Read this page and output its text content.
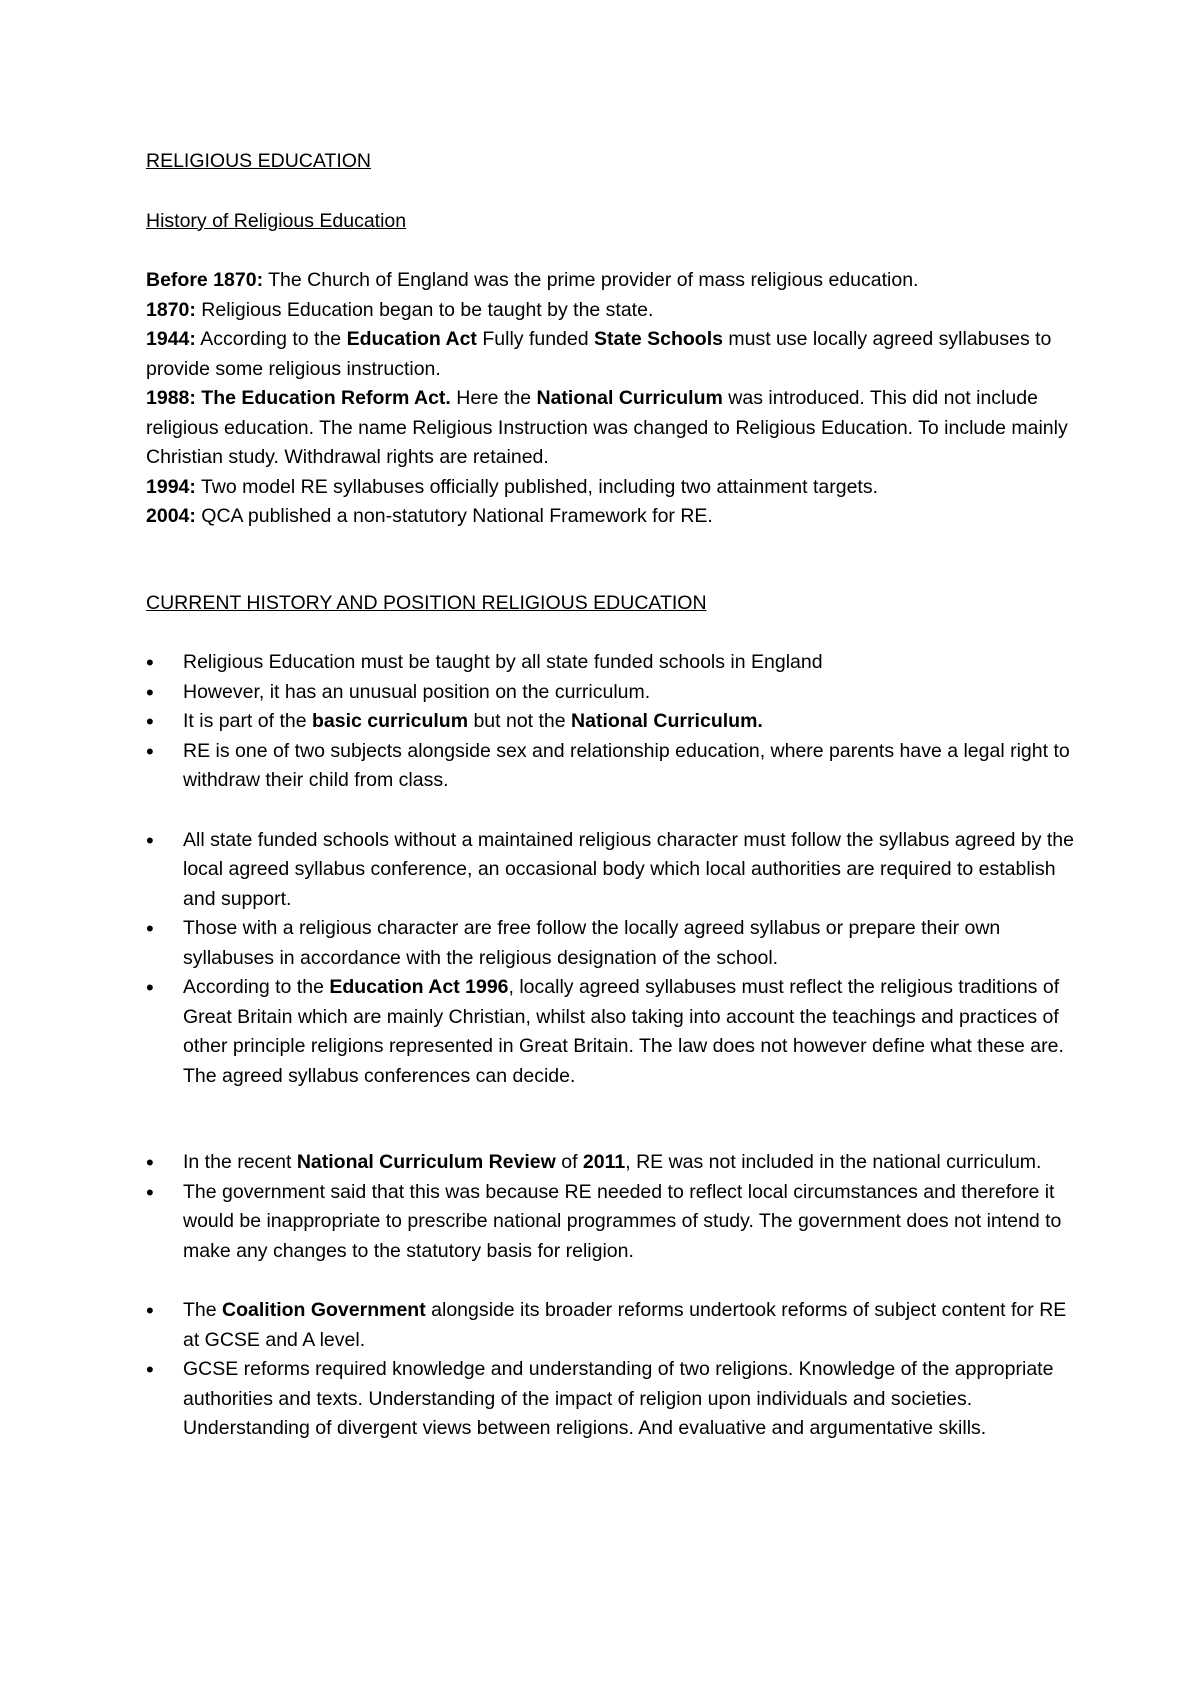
RELIGIOUS EDUCATION

History of Religious Education

Before 1870: The Church of England was the prime provider of mass religious education.

1870: Religious Education began to be taught by the state.

1944: According to the Education Act Fully funded State Schools must use locally agreed syllabuses to provide some religious instruction.

1988: The Education Reform Act. Here the National Curriculum was introduced. This did not include religious education. The name Religious Instruction was changed to Religious Education. To include mainly Christian study. Withdrawal rights are retained.

1994: Two model RE syllabuses officially published, including two attainment targets.

2004: QCA published a non-statutory National Framework for RE.

CURRENT HISTORY AND POSITION RELIGIOUS EDUCATION

• Religious Education must be taught by all state funded schools in England
• However, it has an unusual position on the curriculum.
• It is part of the basic curriculum but not the National Curriculum.
• RE is one of two subjects alongside sex and relationship education, where parents have a legal right to withdraw their child from class.
• All state funded schools without a maintained religious character must follow the syllabus agreed by the local agreed syllabus conference, an occasional body which local authorities are required to establish and support.
• Those with a religious character are free follow the locally agreed syllabus or prepare their own syllabuses in accordance with the religious designation of the school.
• According to the Education Act 1996, locally agreed syllabuses must reflect the religious traditions of Great Britain which are mainly Christian, whilst also taking into account the teachings and practices of other principle religions represented in Great Britain. The law does not however define what these are. The agreed syllabus conferences can decide.
• In the recent National Curriculum Review of 2011, RE was not included in the national curriculum.
• The government said that this was because RE needed to reflect local circumstances and therefore it would be inappropriate to prescribe national programmes of study. The government does not intend to make any changes to the statutory basis for religion.
• The Coalition Government alongside its broader reforms undertook reforms of subject content for RE at GCSE and A level.
• GCSE reforms required knowledge and understanding of two religions. Knowledge of the appropriate authorities and texts. Understanding of the impact of religion upon individuals and societies. Understanding of divergent views between religions. And evaluative and argumentative skills.
